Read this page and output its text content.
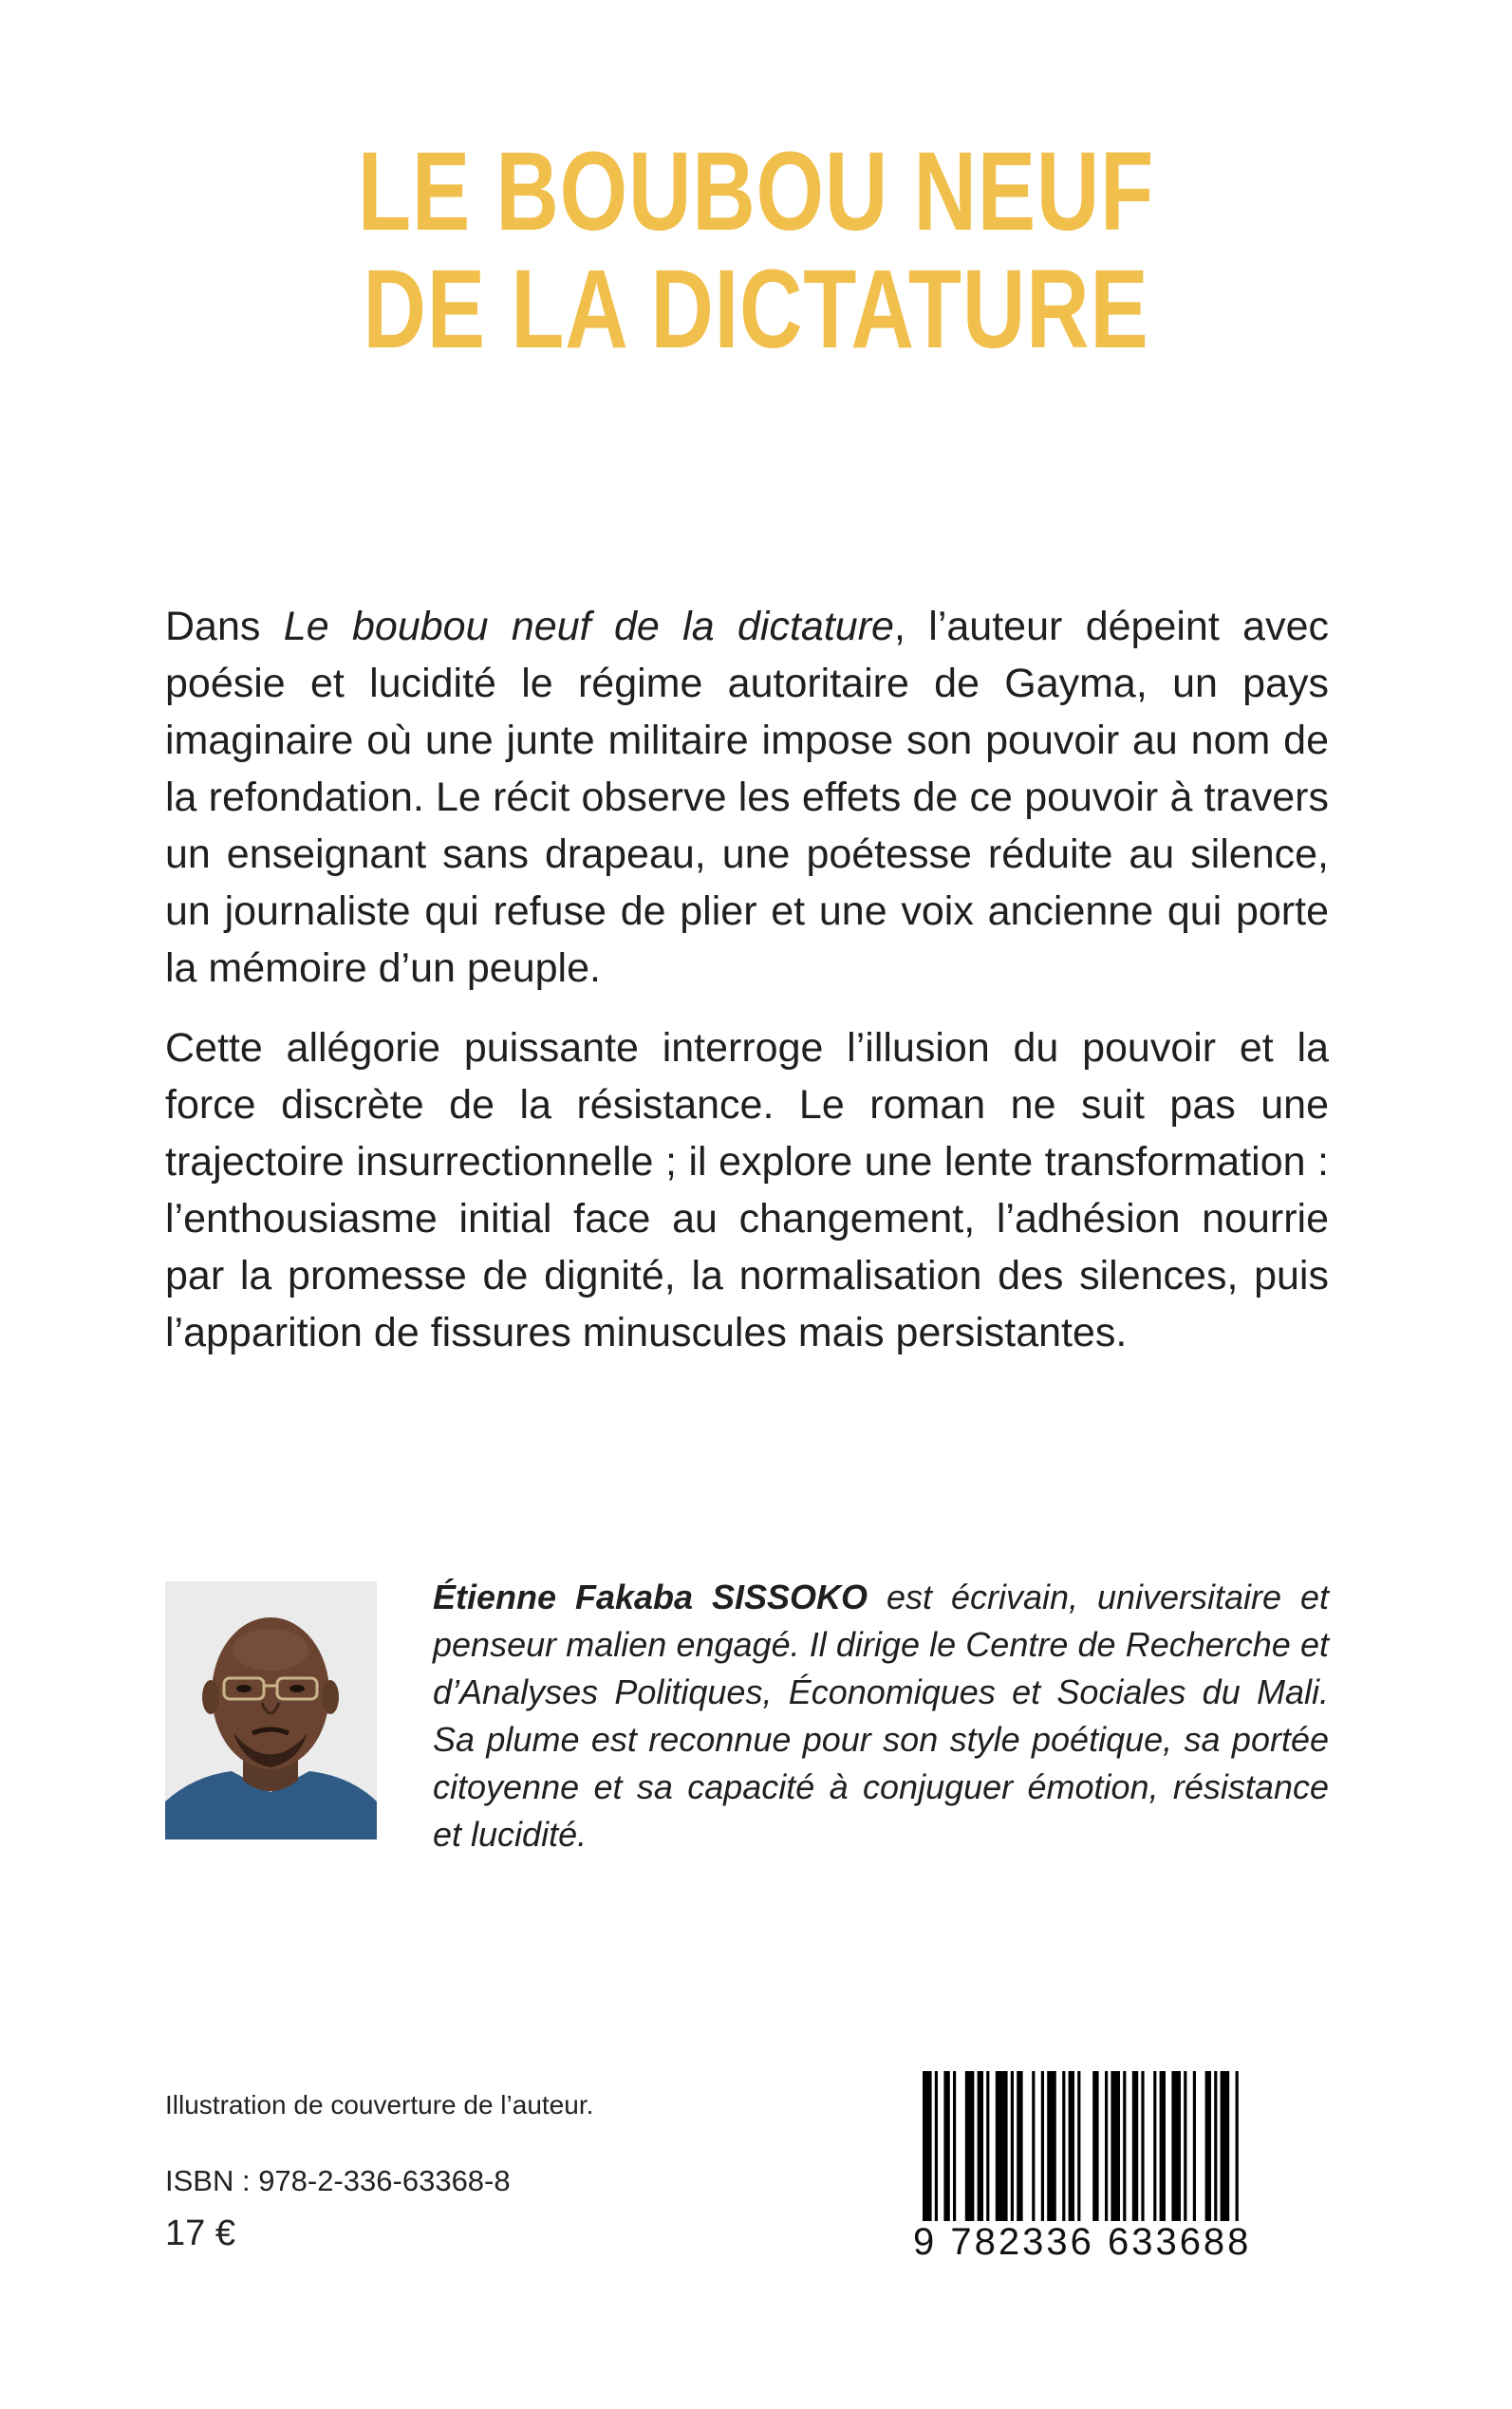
LE BOUBOU NEUF
DE LA DICTATURE

Dans Le boubou neuf de la dictature, l’auteur dépeint avec poésie et lucidité le régime autoritaire de Gayma, un pays imaginaire où une junte militaire impose son pouvoir au nom de la refondation. Le récit observe les effets de ce pouvoir à travers un enseignant sans drapeau, une poétesse réduite au silence, un journaliste qui refuse de plier et une voix ancienne qui porte la mémoire d’un peuple.

Cette allégorie puissante interroge l’illusion du pouvoir et la force discrète de la résistance. Le roman ne suit pas une trajectoire insurrectionnelle ; il explore une lente transformation : l’enthousiasme initial face au changement, l’adhésion nourrie par la promesse de dignité, la normalisation des silences, puis l’apparition de fissures minuscules mais persistantes.

Étienne Fakaba SISSOKO est écrivain, universitaire et penseur malien engagé. Il dirige le Centre de Recherche et d’Analyses Politiques, Économiques et Sociales du Mali. Sa plume est reconnue pour son style poétique, sa portée citoyenne et sa capacité à conjuguer émotion, résistance et lucidité.

Illustration de couverture de l’auteur.

ISBN : 978-2-336-63368-8

17 €	9 782336 633688
